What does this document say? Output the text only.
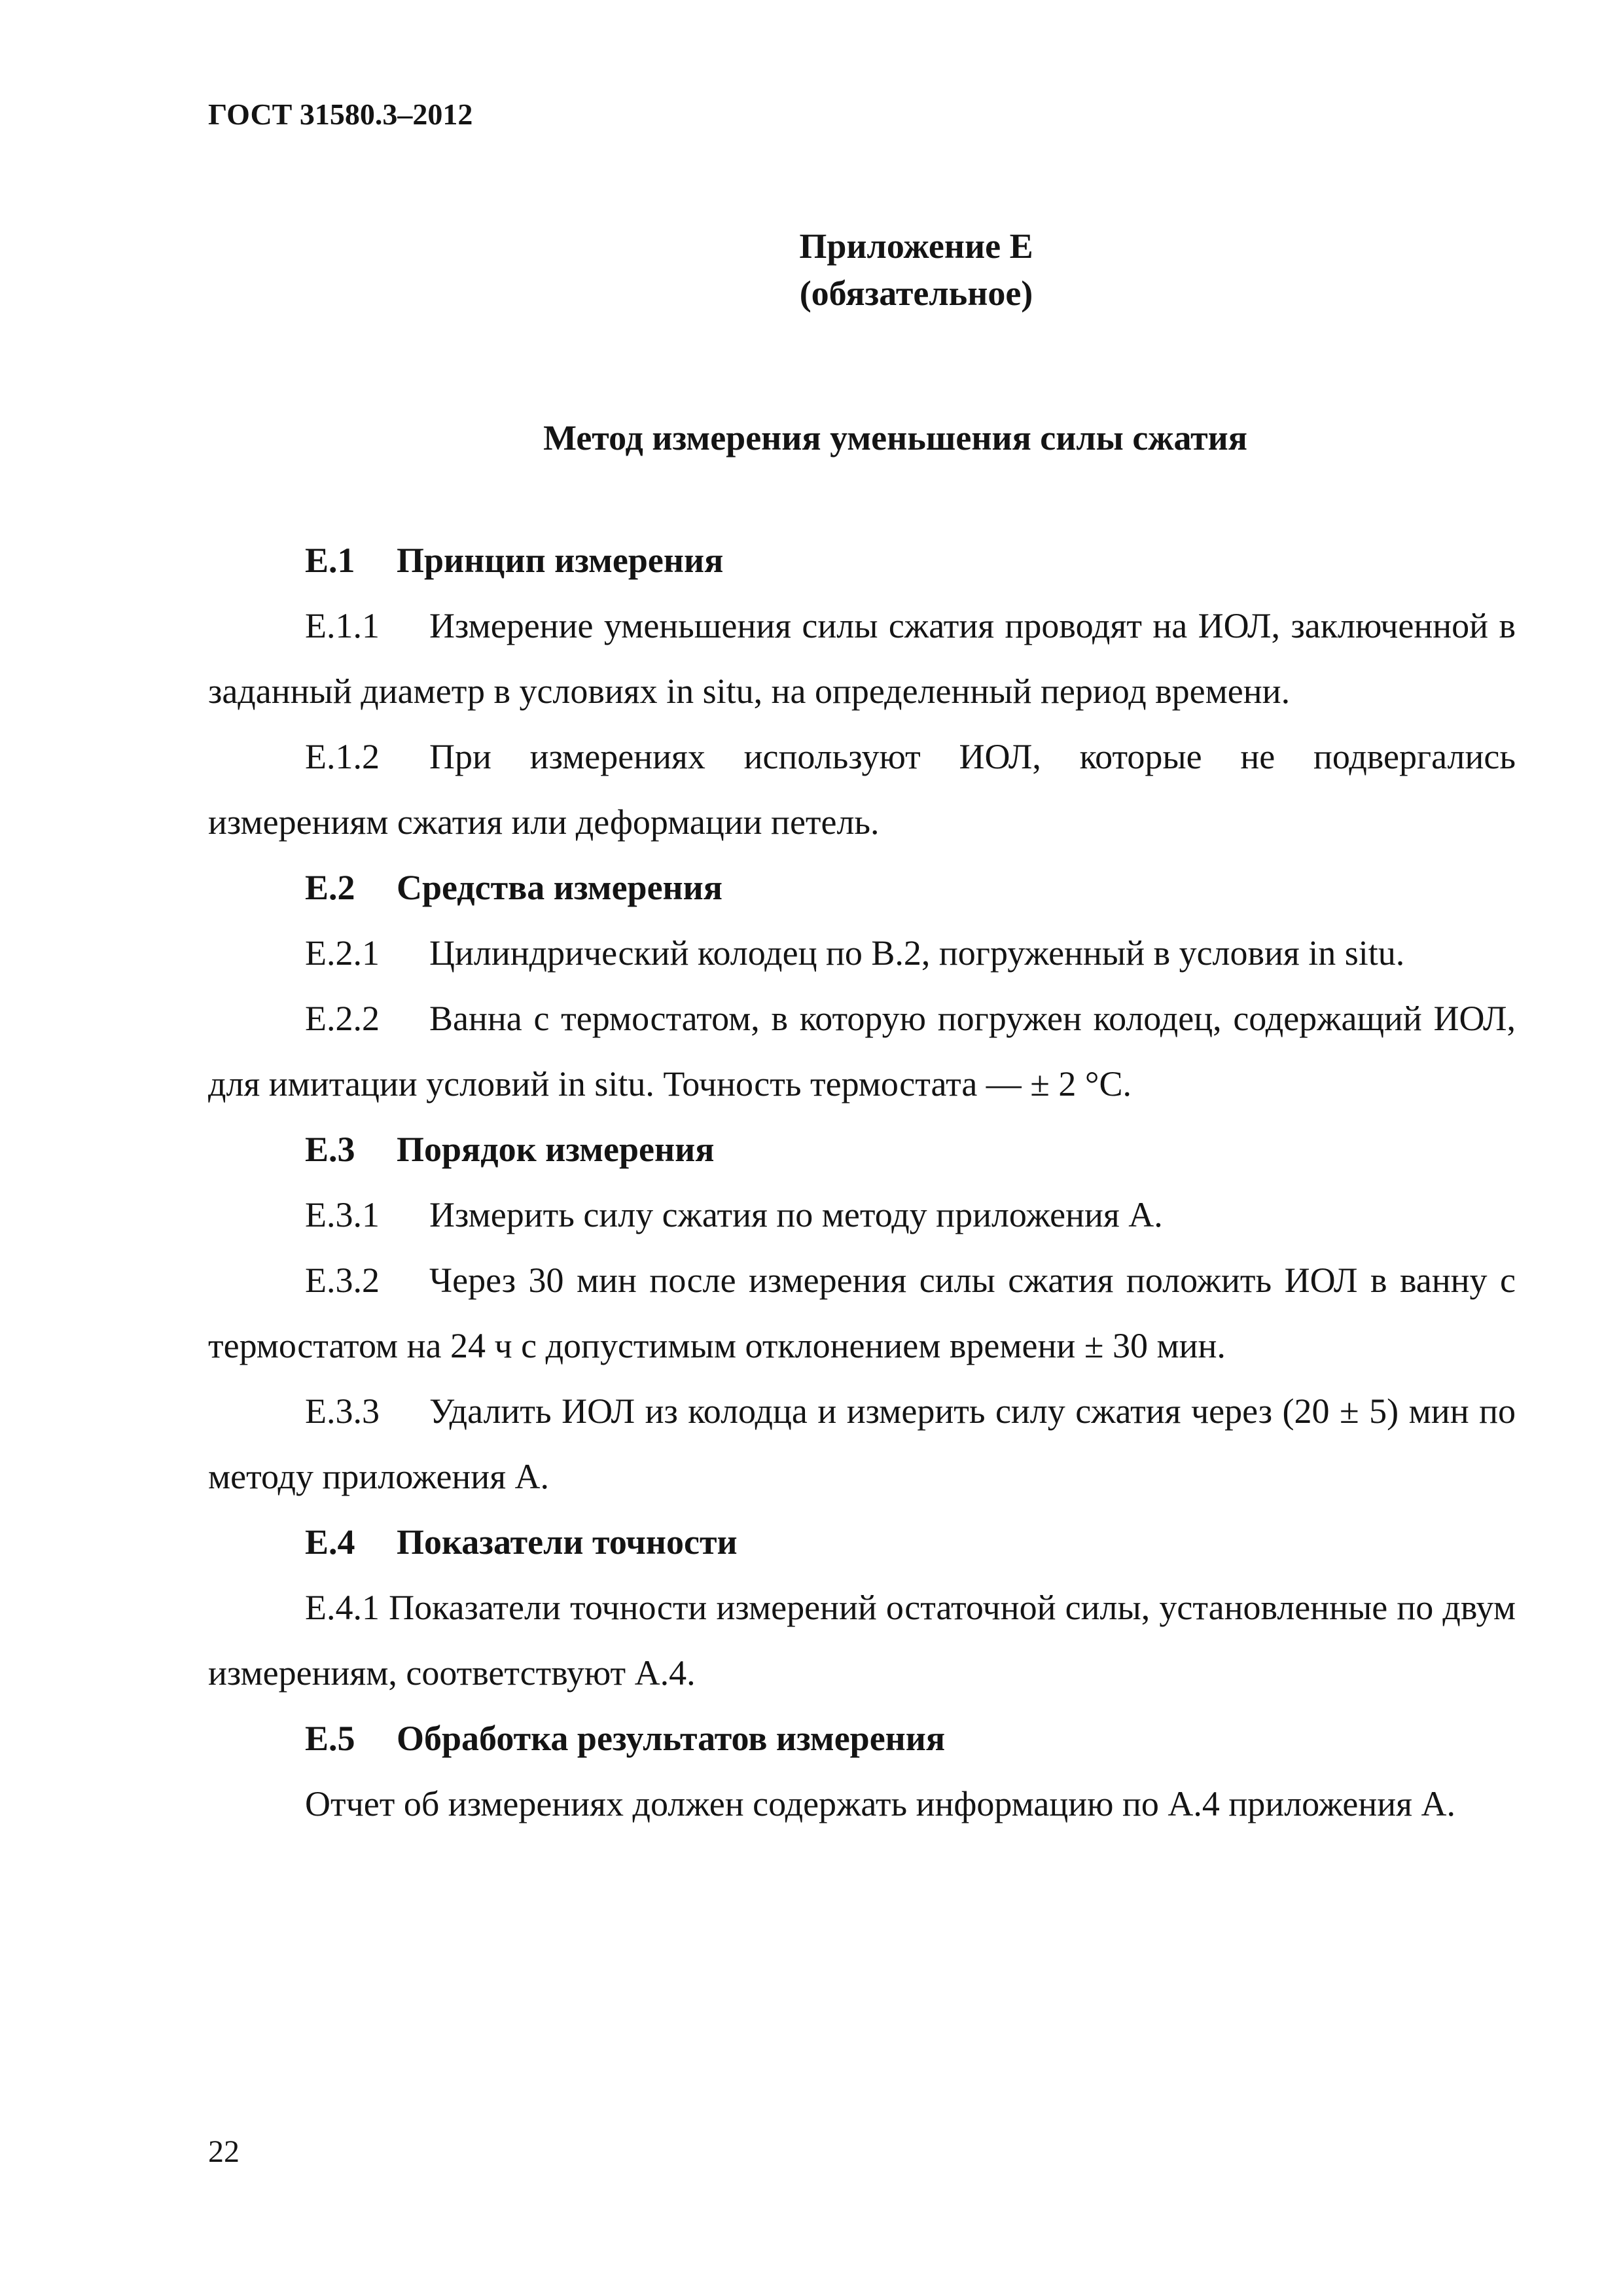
ГОСТ 31580.3–2012
Приложение Е
(обязательное)
Метод измерения уменьшения силы сжатия
Е.1 Принцип измерения
Е.1.1 Измерение уменьшения силы сжатия проводят на ИОЛ, заключенной в заданный диаметр в условиях in situ, на определенный период времени.
Е.1.2 При измерениях используют ИОЛ, которые не подвергались измерениям сжатия или деформации петель.
Е.2 Средства измерения
Е.2.1 Цилиндрический колодец по В.2, погруженный в условия in situ.
Е.2.2 Ванна с термостатом, в которую погружен колодец, содержащий ИОЛ, для имитации условий in situ. Точность термостата — ± 2 °С.
Е.3 Порядок измерения
Е.3.1 Измерить силу сжатия по методу приложения А.
Е.3.2 Через 30 мин после измерения силы сжатия положить ИОЛ в ванну с термостатом на 24 ч с допустимым отклонением времени ± 30 мин.
Е.3.3 Удалить ИОЛ из колодца и измерить силу сжатия через (20 ± 5) мин по методу приложения А.
Е.4 Показатели точности
Е.4.1 Показатели точности измерений остаточной силы, установленные по двум измерениям, соответствуют А.4.
Е.5 Обработка результатов измерения
Отчет об измерениях должен содержать информацию по А.4 приложения А.
22
